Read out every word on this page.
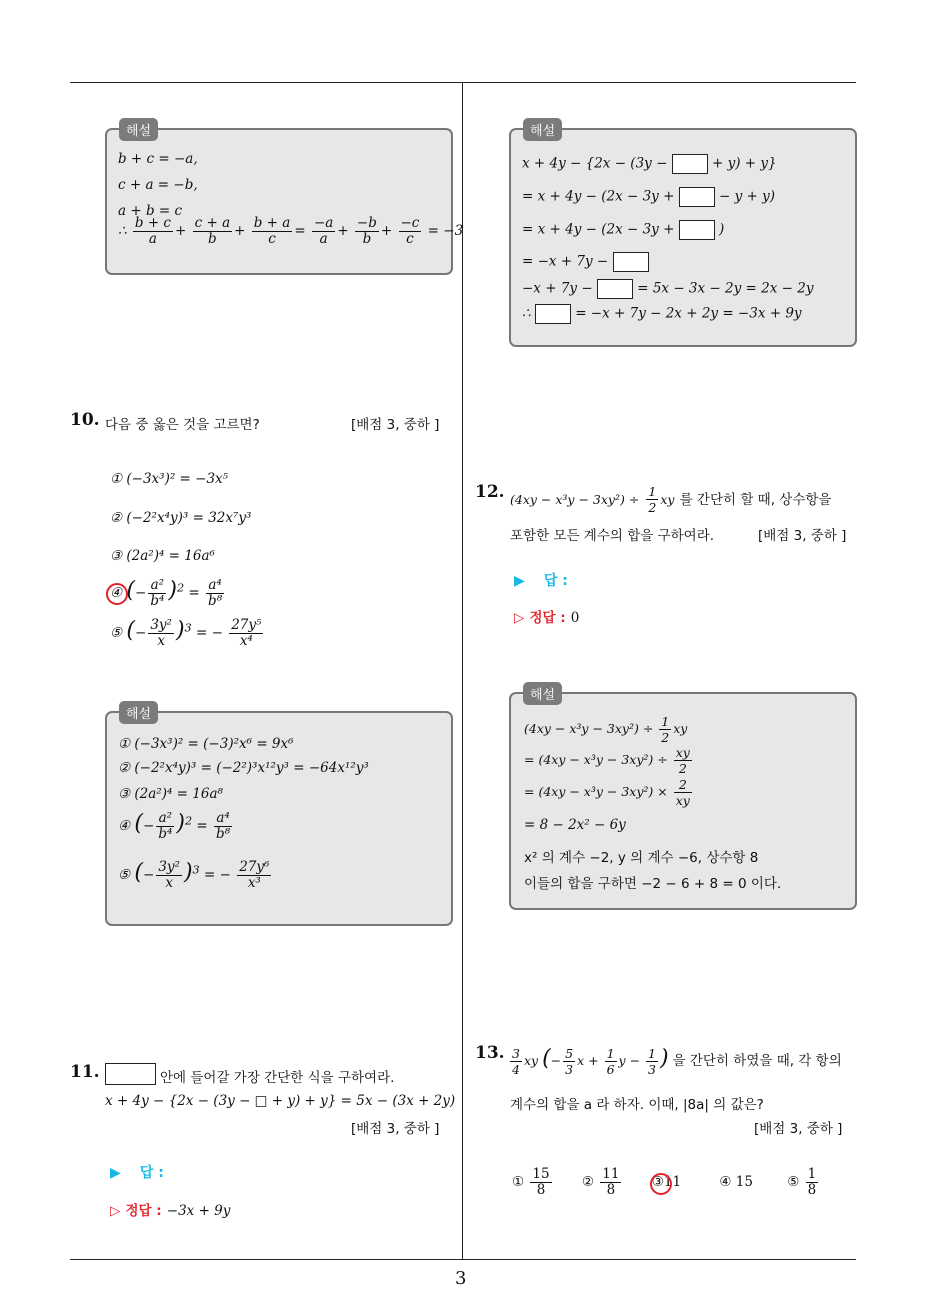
해설
b + c = −a,
c + a = −b,
a + b = c
∴ $\frac{b + c}{a} + \frac{c + a}{b} + \frac{b + a}{c} = \frac{-a}{a} + \frac{-b}{b} + \frac{-c}{c} = -3$
10. 다음 중 옳은 것을 고르면?	[배점 3, 중하 ]
① (−3x³)² = −3x⁵
② (−2²x⁴y)³ = 32x⁷y³
③ (2a²)⁴ = 16a⁶
④ (− $\frac{\text{a²}}{\text{b⁴}} )^2 = \frac{\text{a⁴}}{\text{b⁸}}$
⑤ (− $\frac{\text{3y²}}{x} )^3$ = − $\frac{\text{27y⁵}}{\text{x⁴}}$
해설
① (−3x³)² = (−3)²x⁶ = 9x⁶
② (−2²x⁴y)³ = (−2²)³x¹²y³ = −64x¹²y³
③ (2a²)⁴ = 16a⁸
④ (− $\frac{\text{a²}}{\text{b⁴}} )^2 = \frac{\text{a⁴}}{\text{b⁸}}$
⑤ (− $\frac{\text{3y²}}{x} )^3$ = − $\frac{\text{27y⁶}}{\text{x³}}$
11.	안에 들어갈 가장 간단한 식을 구하여라.
x + 4y − {2x − (3y − □ + y) + y} = 5x − (3x + 2y)
[배점 3, 중하 ]
▶ 답 :
▷ 정답 : −3x + 9y
해설
x + 4y − {2x − (3y −	+ y) + y}
= x + 4y − (2x − 3y +	− y + y)
= x + 4y − (2x − 3y +	)
= −x + 7y −
−x + 7y −	= 5x − 3x − 2y = 2x − 2y
∴	= −x + 7y − 2x + 2y = −3x + 9y
12. $(4xy - x^3y - 3xy^2) \div \frac{1}{2}$ xy 를 간단히 할 때, 상수항을
포함한 모든 계수의 합을 구하여라.	[배점 3, 중하 ]
▶ 답 :
▷ 정답 : 0
해설
$(4xy - x^3y - 3xy^2) \div \frac{1}{2}$ xy
= $(4xy - x^3y - 3xy^2) \div \frac{xy}{2}$
= $(4xy - x^3y - 3xy^2) \times \frac{2}{xy}$
= 8 − 2x² − 6y
x² 의 계수 −2, y 의 계수 −6, 상수항 8
이들의 합을 구하면 −2 − 6 + 8 = 0 이다.
13. $\frac{3}{4}$ xy (− $\frac{5}{3}$ $x + \frac{1}{6}$ $y - \frac{1}{3}$ ) 을 간단히 하였을 때, 각 항의
계수의 합을 a 라 하자. 이때, |8a| 의 값은?
[배점 3, 중하 ]
① $\frac{15}{8}$ ② $\frac{11}{8}$ ③11	④ 15	⑤ $\frac{1}{8}$
3
